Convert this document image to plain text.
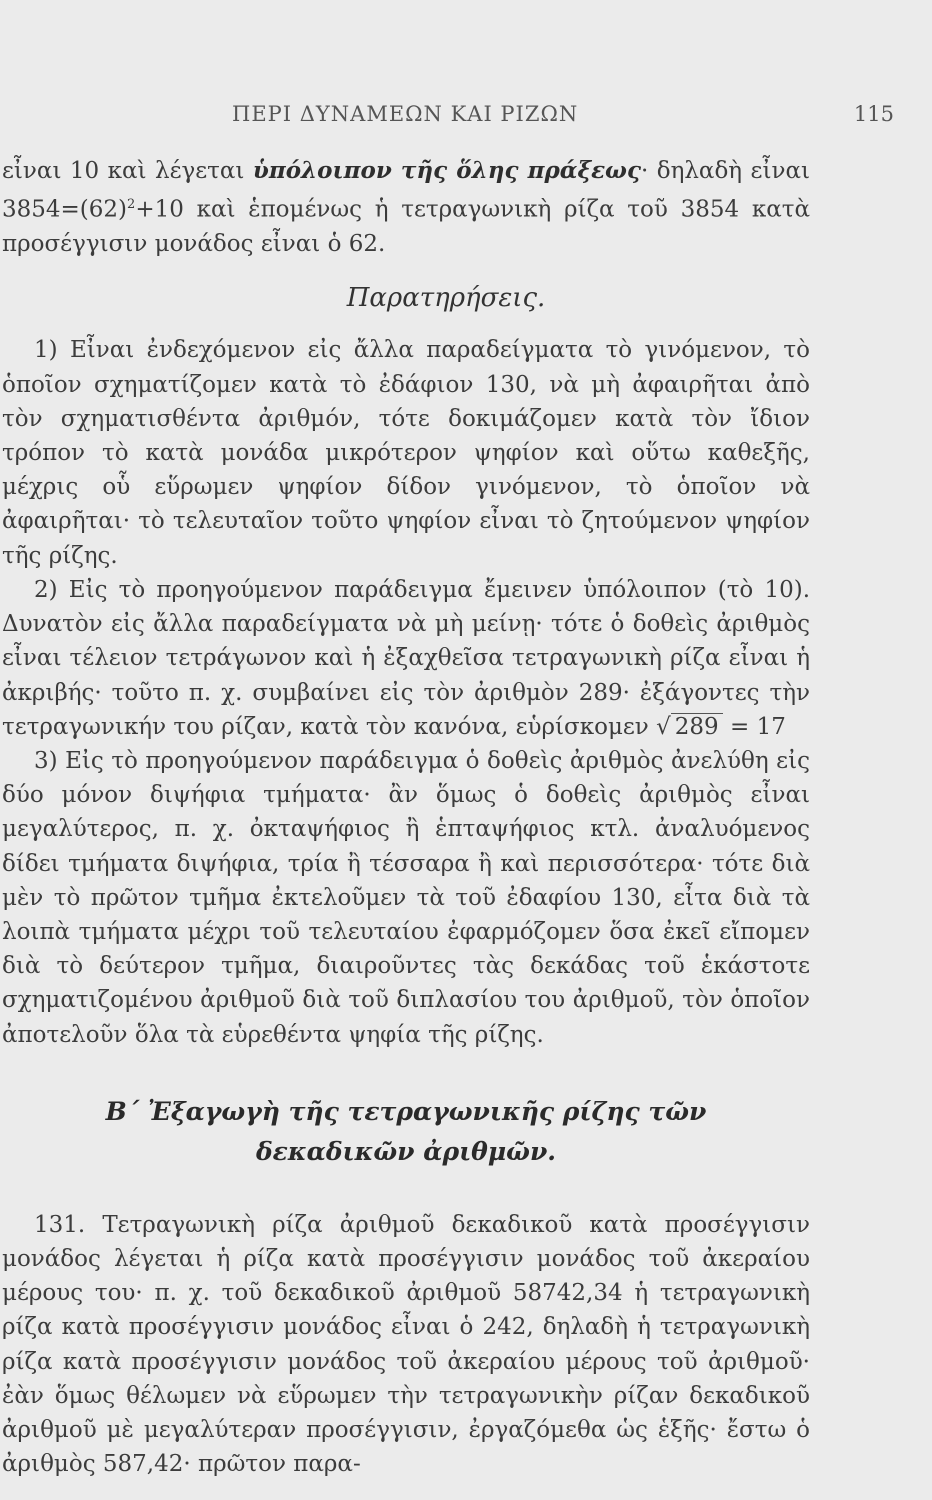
ΠΕΡΙ ΔΥΝΑΜΕΩΝ ΚΑΙ ΡΙΖΩΝ	115

εἶναι 10 καὶ λέγεται ὑπόλοιπον τῆς ὅλης πράξεως· δηλαδὴ εἶναι $3854=(62)^2+10$ καὶ ἑπομένως ἡ τετραγωνικὴ ρίζα τοῦ 3854 κατὰ προσέγγισιν μονάδος εἶναι ὁ 62.

Παρατηρήσεις.

1) Εἶναι ἐνδεχόμενον εἰς ἄλλα παραδείγματα τὸ γινόμενον, τὸ ὁποῖον σχηματίζομεν κατὰ τὸ ἐδάφιον 130, νὰ μὴ ἀφαιρῆται ἀπὸ τὸν σχηματισθέντα ἀριθμόν, τότε δοκιμάζομεν κατὰ τὸν ἴδιον τρόπον τὸ κατὰ μονάδα μικρότερον ψηφίον καὶ οὕτω καθεξῆς, μέχρις οὗ εὕρωμεν ψηφίον δίδον γινόμενον, τὸ ὁποῖον νὰ ἀφαιρῆται· τὸ τελευταῖον τοῦτο ψηφίον εἶναι τὸ ζητούμενον ψηφίον τῆς ρίζης.

2) Εἰς τὸ προηγούμενον παράδειγμα ἔμεινεν ὑπόλοιπον (τὸ 10). Δυνατὸν εἰς ἄλλα παραδείγματα νὰ μὴ μείνῃ· τότε ὁ δοθεὶς ἀριθμὸς εἶναι τέλειον τετράγωνον καὶ ἡ ἐξαχθεῖσα τετραγωνικὴ ρίζα εἶναι ἡ ἀκριβής· τοῦτο π. χ. συμβαίνει εἰς τὸν ἀριθμὸν 289· ἐξάγοντες τὴν τετραγωνικήν του ρίζαν, κατὰ τὸν κανόνα, εὑρίσκομεν √ 289 = 17

3) Εἰς τὸ προηγούμενον παράδειγμα ὁ δοθεὶς ἀριθμὸς ἀνελύθη εἰς δύο μόνον διψήφια τμήματα· ἂν ὅμως ὁ δοθεὶς ἀριθμὸς εἶναι μεγαλύτερος, π. χ. ὀκταψήφιος ἢ ἑπταψήφιος κτλ. ἀναλυόμενος δίδει τμήματα διψήφια, τρία ἢ τέσσαρα ἢ καὶ περισσότερα· τότε διὰ μὲν τὸ πρῶτον τμῆμα ἐκτελοῦμεν τὰ τοῦ ἐδαφίου 130, εἶτα διὰ τὰ λοιπὰ τμήματα μέχρι τοῦ τελευταίου ἐφαρμόζομεν ὅσα ἐκεῖ εἴπομεν διὰ τὸ δεύτερον τμῆμα, διαιροῦντες τὰς δεκάδας τοῦ ἑκάστοτε σχηματιζομένου ἀριθμοῦ διὰ τοῦ διπλασίου του ἀριθμοῦ, τὸν ὁποῖον ἀποτελοῦν ὅλα τὰ εὑρεθέντα ψηφία τῆς ρίζης.

Β΄ Ἐξαγωγὴ τῆς τετραγωνικῆς ρίζης τῶν
δεκαδικῶν ἀριθμῶν.

131. Τετραγωνικὴ ρίζα ἀριθμοῦ δεκαδικοῦ κατὰ προσέγγισιν μονάδος λέγεται ἡ ρίζα κατὰ προσέγγισιν μονάδος τοῦ ἀκεραίου μέρους του· π. χ. τοῦ δεκαδικοῦ ἀριθμοῦ 58742,34 ἡ τετραγωνικὴ ρίζα κατὰ προσέγγισιν μονάδος εἶναι ὁ 242, δηλαδὴ ἡ τετραγωνικὴ ρίζα κατὰ προσέγγισιν μονάδος τοῦ ἀκεραίου μέρους τοῦ ἀριθμοῦ· ἐὰν ὅμως θέλωμεν νὰ εὕρωμεν τὴν τετραγωνικὴν ρίζαν δεκαδικοῦ ἀριθμοῦ μὲ μεγαλύτεραν προσέγγισιν, ἐργαζόμεθα ὡς ἑξῆς· ἔστω ὁ ἀριθμὸς 587,42· πρῶτον παρα-
